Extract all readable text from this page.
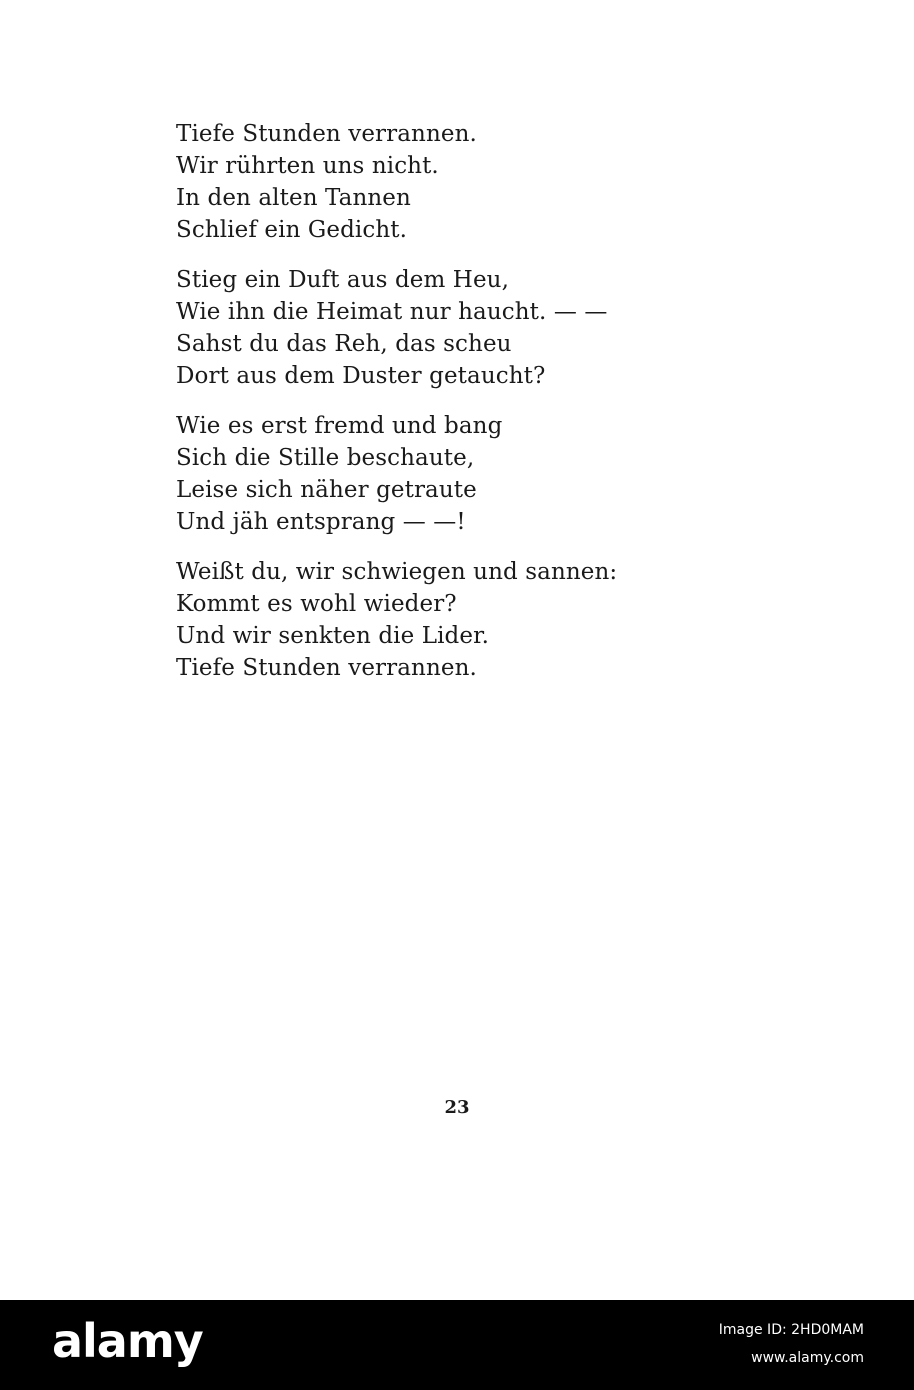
Tiefe Stunden verrannen.
Wir rührten uns nicht.
In den alten Tannen
Schlief ein Gedicht.
Stieg ein Duft aus dem Heu,
Wie ihn die Heimat nur haucht. — —
Sahst du das Reh, das scheu
Dort aus dem Duster getaucht?
Wie es erst fremd und bang
Sich die Stille beschaute,
Leise sich näher getraute
Und jäh entsprang — —!
Weißt du, wir schwiegen und sannen:
Kommt es wohl wieder?
Und wir senkten die Lider.
Tiefe Stunden verrannen.
23
alamy	Image ID: 2HD0MAM
www.alamy.com
